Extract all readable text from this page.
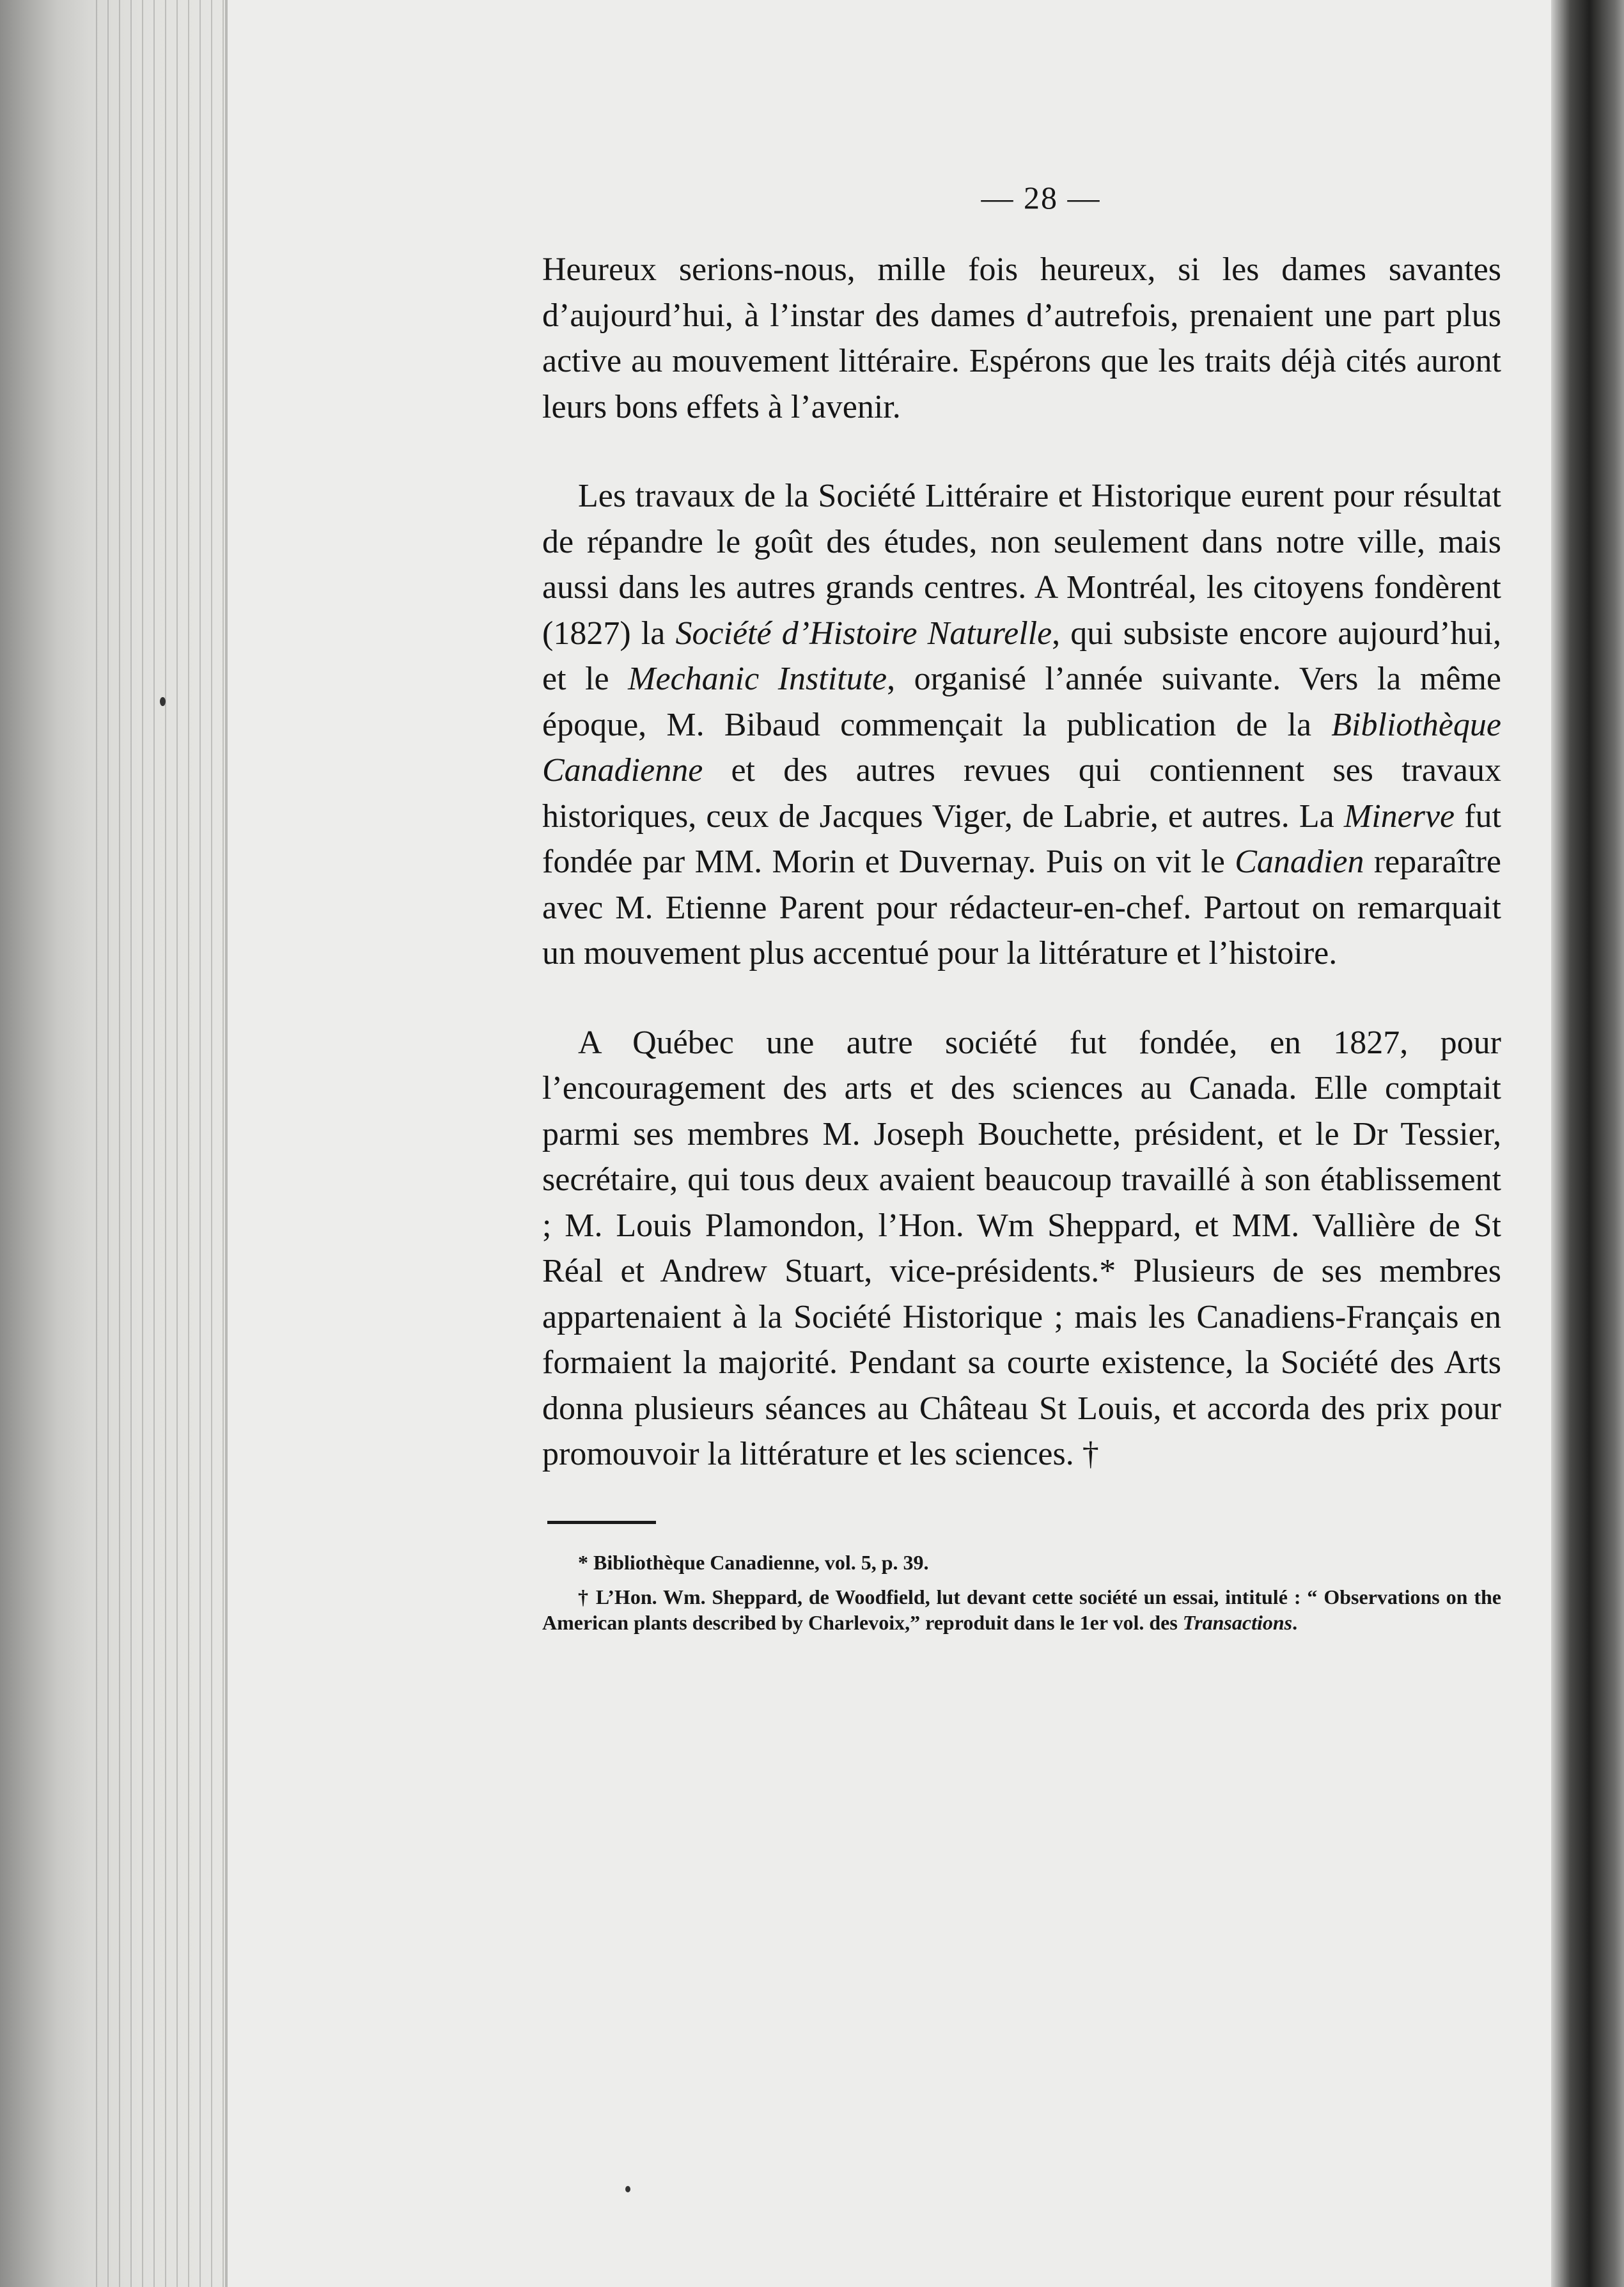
— 28 —

Heureux serions-nous, mille fois heureux, si les dames savantes d’aujourd’hui, à l’instar des dames d’autrefois, prenaient une part plus active au mouvement littéraire. Espérons que les traits déjà cités auront leurs bons effets à l’avenir.

Les travaux de la Société Littéraire et Historique eurent pour résultat de répandre le goût des études, non seulement dans notre ville, mais aussi dans les autres grands centres. A Montréal, les citoyens fondèrent (1827) la Société d’Histoire Naturelle, qui subsiste encore aujourd’hui, et le Mechanic Institute, organisé l’année suivante. Vers la même époque, M. Bibaud commençait la publication de la Bibliothèque Canadienne et des autres revues qui contiennent ses travaux historiques, ceux de Jacques Viger, de Labrie, et autres. La Minerve fut fondée par MM. Morin et Duvernay. Puis on vit le Canadien reparaître avec M. Etienne Parent pour rédacteur-en-chef. Partout on remarquait un mouvement plus accentué pour la littérature et l’histoire.

A Québec une autre société fut fondée, en 1827, pour l’encouragement des arts et des sciences au Canada. Elle comptait parmi ses membres M. Joseph Bouchette, président, et le Dr Tessier, secrétaire, qui tous deux avaient beaucoup travaillé à son établissement ; M. Louis Plamondon, l’Hon. Wm Sheppard, et MM. Vallière de St Réal et Andrew Stuart, vice-présidents.* Plusieurs de ses membres appartenaient à la Société Historique ; mais les Canadiens-Français en formaient la majorité. Pendant sa courte existence, la Société des Arts donna plusieurs séances au Château St Louis, et accorda des prix pour promouvoir la littérature et les sciences. †

* Bibliothèque Canadienne, vol. 5, p. 39.

† L’Hon. Wm. Sheppard, de Woodfield, lut devant cette société un essai, intitulé : “ Observations on the American plants described by Charlevoix,” reproduit dans le 1er vol. des Transactions.
